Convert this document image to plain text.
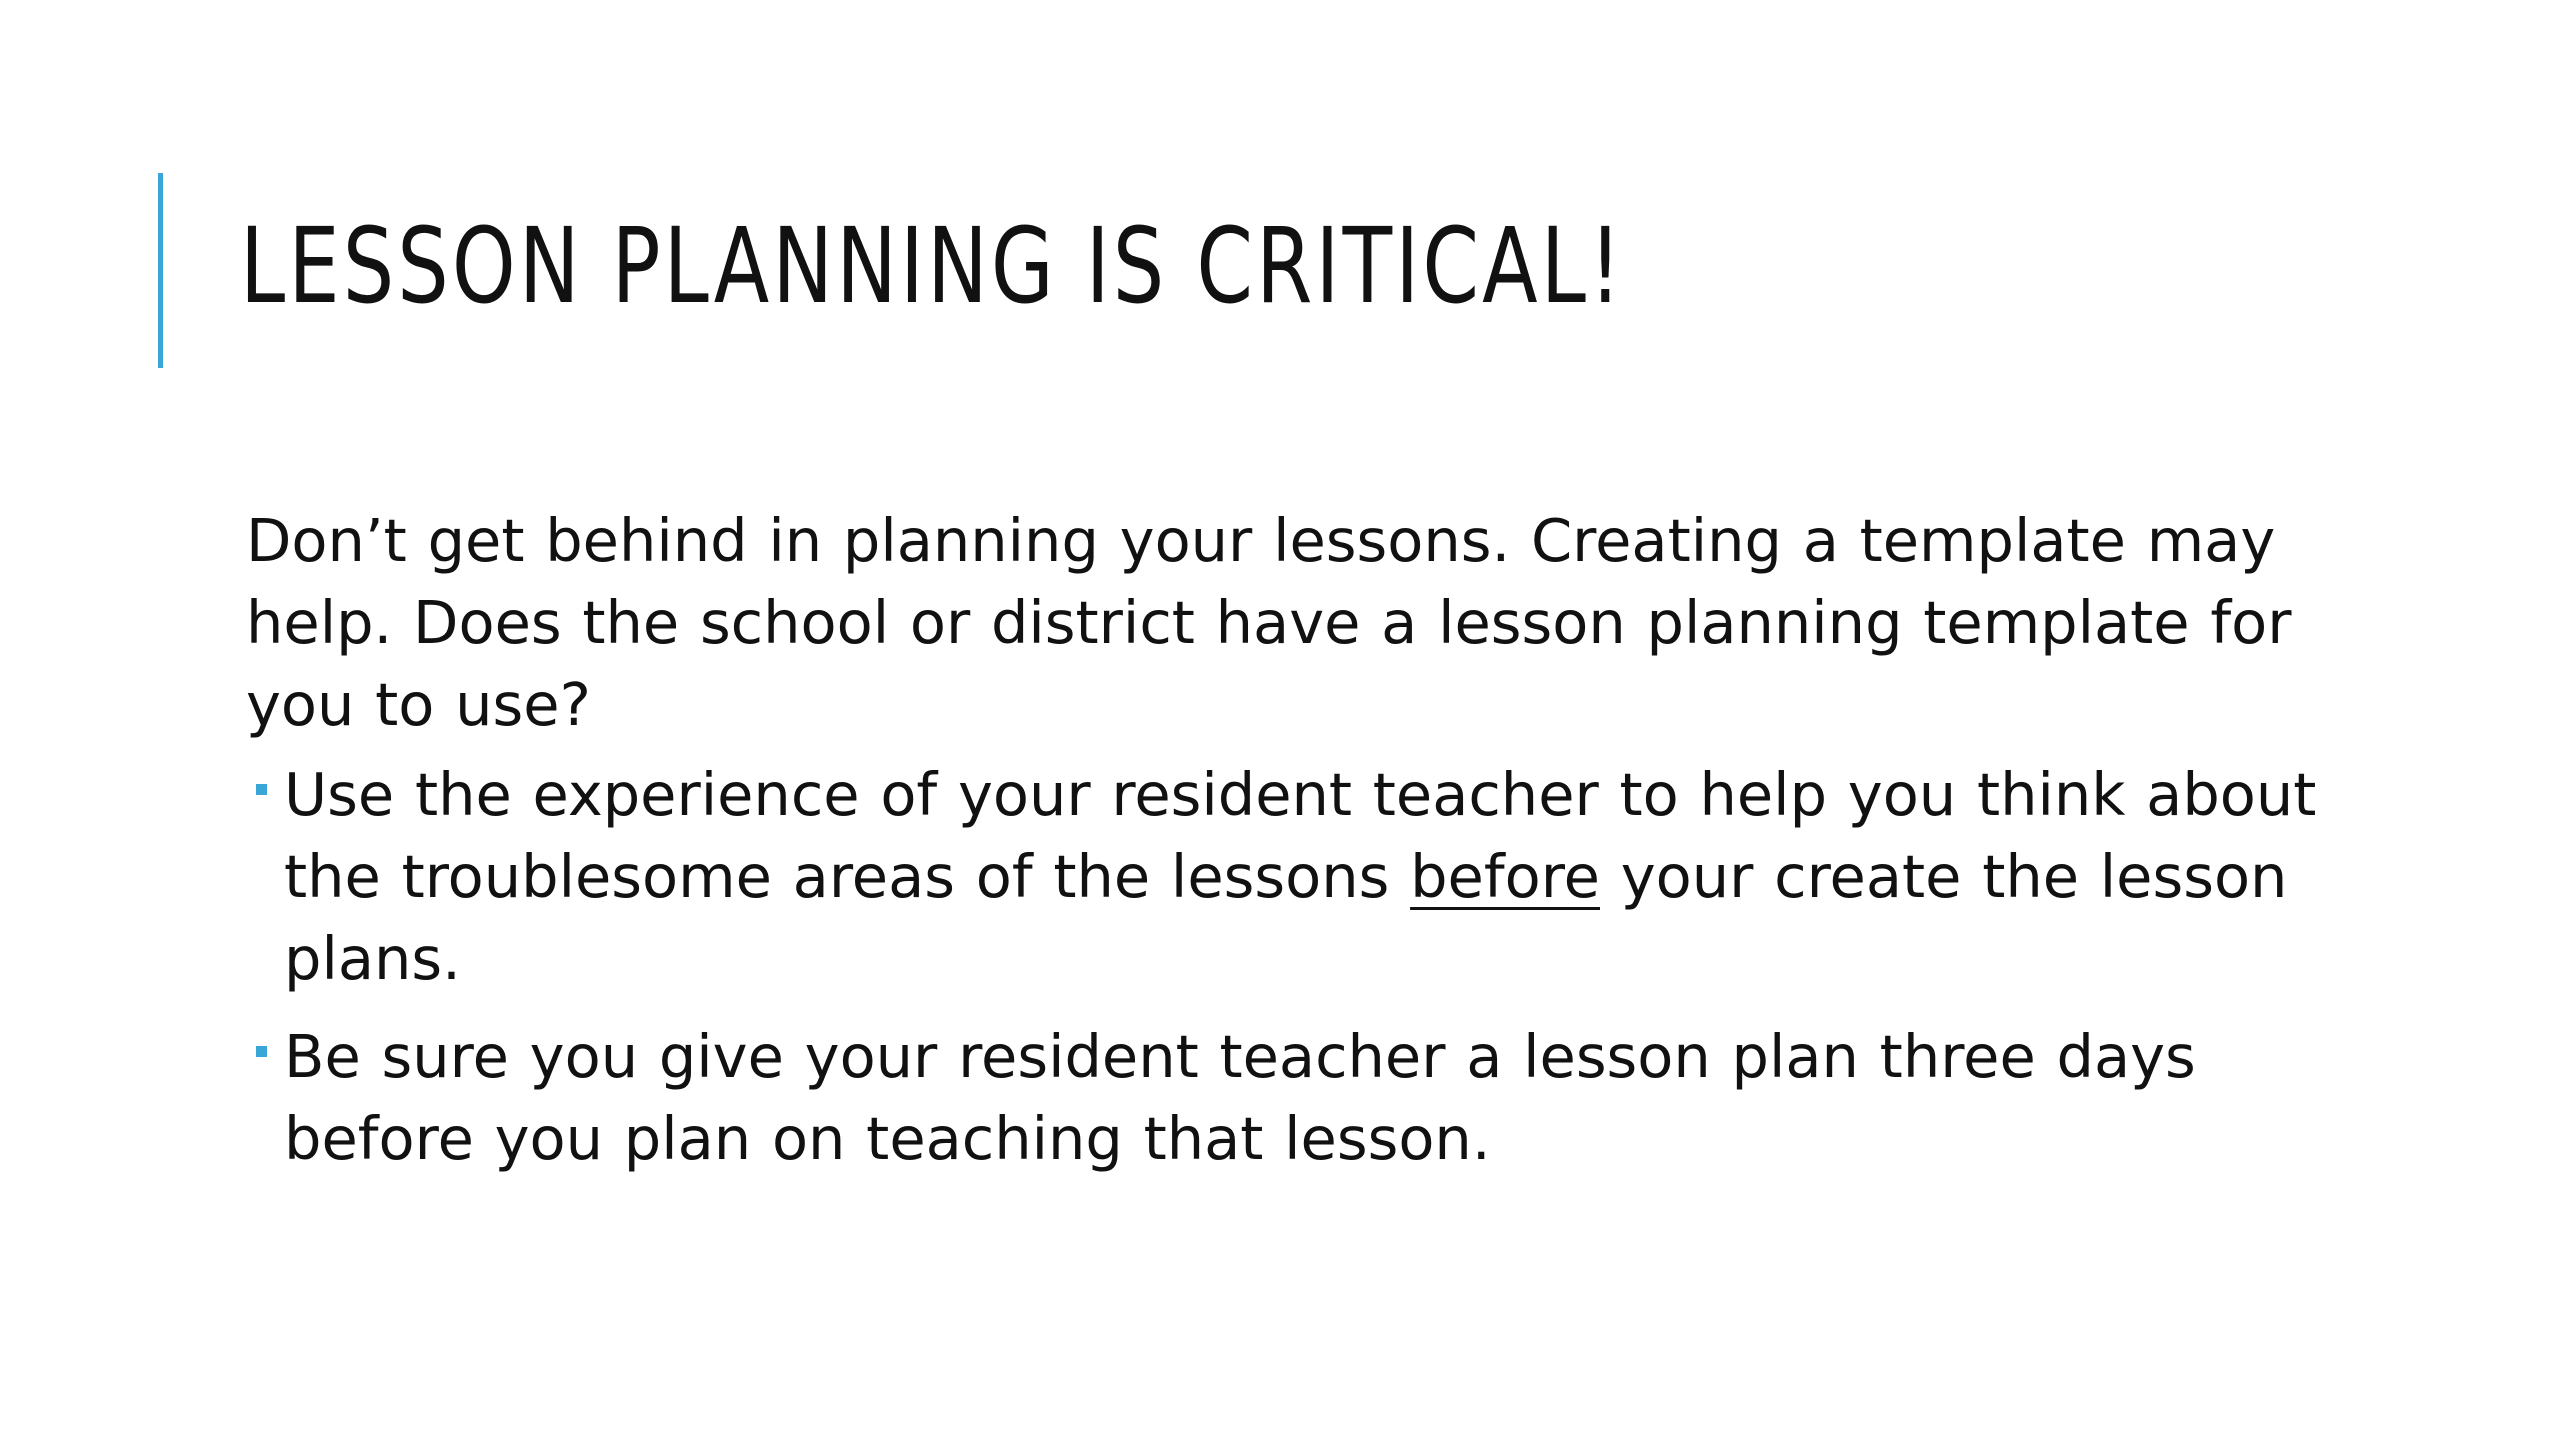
LESSON PLANNING IS CRITICAL!

Don’t get behind in planning your lessons. Creating a template may help. Does the school or district have a lesson planning template for you to use?

Use the experience of your resident teacher to help you think about the troublesome areas of the lessons before your create the lesson plans.
Be sure you give your resident teacher a lesson plan three days before you plan on teaching that lesson.
